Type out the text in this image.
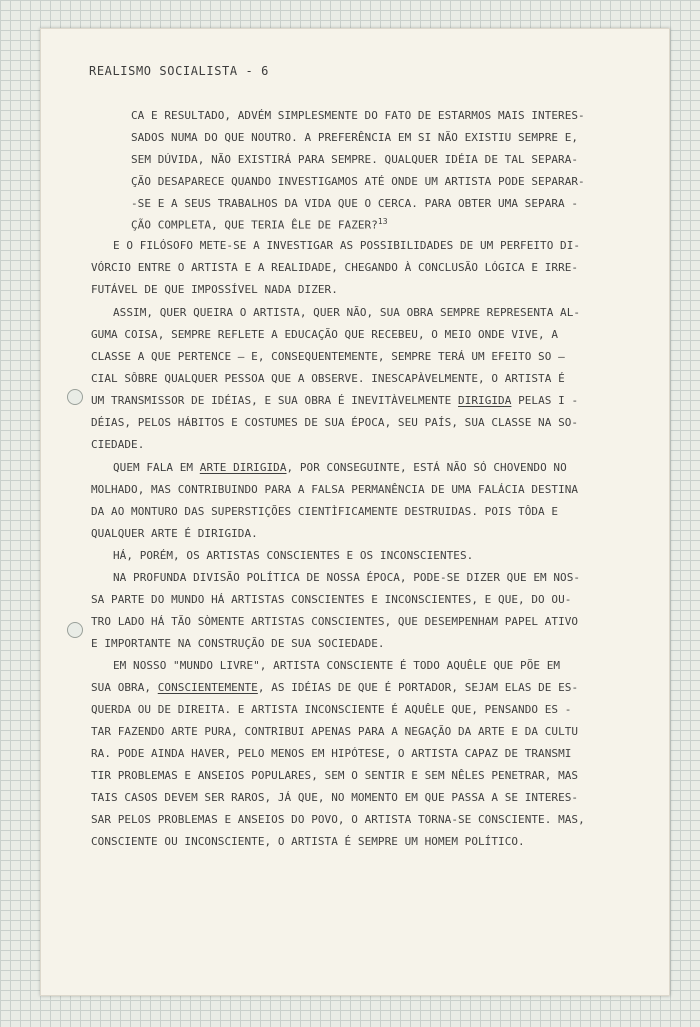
REALISMO SOCIALISTA - 6
CA E RESULTADO, ADVÉM SIMPLESMENTE DO FATO DE ESTARMOS MAIS INTERES-
SADOS NUMA DO QUE NOUTRO. A PREFERÊNCIA EM SI NÃO EXISTIU SEMPRE E,
SEM DÚVIDA, NÃO EXISTIRÁ PARA SEMPRE. QUALQUER IDÉIA DE TAL SEPARA-
ÇÃO DESAPARECE QUANDO INVESTIGAMOS ATÉ ONDE UM ARTISTA PODE SEPARAR-
-SE E A SEUS TRABALHOS DA VIDA QUE O CERCA. PARA OBTER UMA SEPARA -
ÇÃO COMPLETA, QUE TERIA ÊLE DE FAZER?$^{13}$
E O FILÓSOFO METE-SE A INVESTIGAR AS POSSIBILIDADES DE UM PERFEITO DI-
VÓRCIO ENTRE O ARTISTA E A REALIDADE, CHEGANDO À CONCLUSÃO LÓGICA E IRRE-
FUTÁVEL DE QUE IMPOSSÍVEL NADA DIZER.
ASSIM, QUER QUEIRA O ARTISTA, QUER NÃO, SUA OBRA SEMPRE REPRESENTA AL-
GUMA COISA, SEMPRE REFLETE A EDUCAÇÃO QUE RECEBEU, O MEIO ONDE VIVE, A
CLASSE A QUE PERTENCE — E, CONSEQUENTEMENTE, SEMPRE TERÁ UM EFEITO SO —
CIAL SÔBRE QUALQUER PESSOA QUE A OBSERVE. INESCAPÀVELMENTE, O ARTISTA É
UM TRANSMISSOR DE IDÉIAS, E SUA OBRA É INEVITÀVELMENTE DIRIGIDA PELAS I -
DÉIAS, PELOS HÁBITOS E COSTUMES DE SUA ÉPOCA, SEU PAÍS, SUA CLASSE NA SO-
CIEDADE.
QUEM FALA EM ARTE DIRIGIDA, POR CONSEGUINTE, ESTÁ NÃO SÓ CHOVENDO NO
MOLHADO, MAS CONTRIBUINDO PARA A FALSA PERMANÊNCIA DE UMA FALÁCIA DESTINA
DA AO MONTURO DAS SUPERSTIÇÕES CIENTÌFICAMENTE DESTRUIDAS. POIS TÔDA E
QUALQUER ARTE É DIRIGIDA.
HÁ, PORÉM, OS ARTISTAS CONSCIENTES E OS INCONSCIENTES.
NA PROFUNDA DIVISÃO POLÍTICA DE NOSSA ÉPOCA, PODE-SE DIZER QUE EM NOS-
SA PARTE DO MUNDO HÁ ARTISTAS CONSCIENTES E INCONSCIENTES, E QUE, DO OU-
TRO LADO HÁ TÃO SÒMENTE ARTISTAS CONSCIENTES, QUE DESEMPENHAM PAPEL ATIVO
E IMPORTANTE NA CONSTRUÇÃO DE SUA SOCIEDADE.
EM NOSSO "MUNDO LIVRE", ARTISTA CONSCIENTE É TODO AQUÊLE QUE PÕE EM
SUA OBRA, CONSCIENTEMENTE, AS IDÉIAS DE QUE É PORTADOR, SEJAM ELAS DE ES-
QUERDA OU DE DIREITA. E ARTISTA INCONSCIENTE É AQUÊLE QUE, PENSANDO ES -
TAR FAZENDO ARTE PURA, CONTRIBUI APENAS PARA A NEGAÇÃO DA ARTE E DA CULTU
RA. PODE AINDA HAVER, PELO MENOS EM HIPÓTESE, O ARTISTA CAPAZ DE TRANSMI
TIR PROBLEMAS E ANSEIOS POPULARES, SEM O SENTIR E SEM NÊLES PENETRAR, MAS
TAIS CASOS DEVEM SER RAROS, JÁ QUE, NO MOMENTO EM QUE PASSA A SE INTERES-
SAR PELOS PROBLEMAS E ANSEIOS DO POVO, O ARTISTA TORNA-SE CONSCIENTE. MAS,
CONSCIENTE OU INCONSCIENTE, O ARTISTA É SEMPRE UM HOMEM POLÍTICO.
